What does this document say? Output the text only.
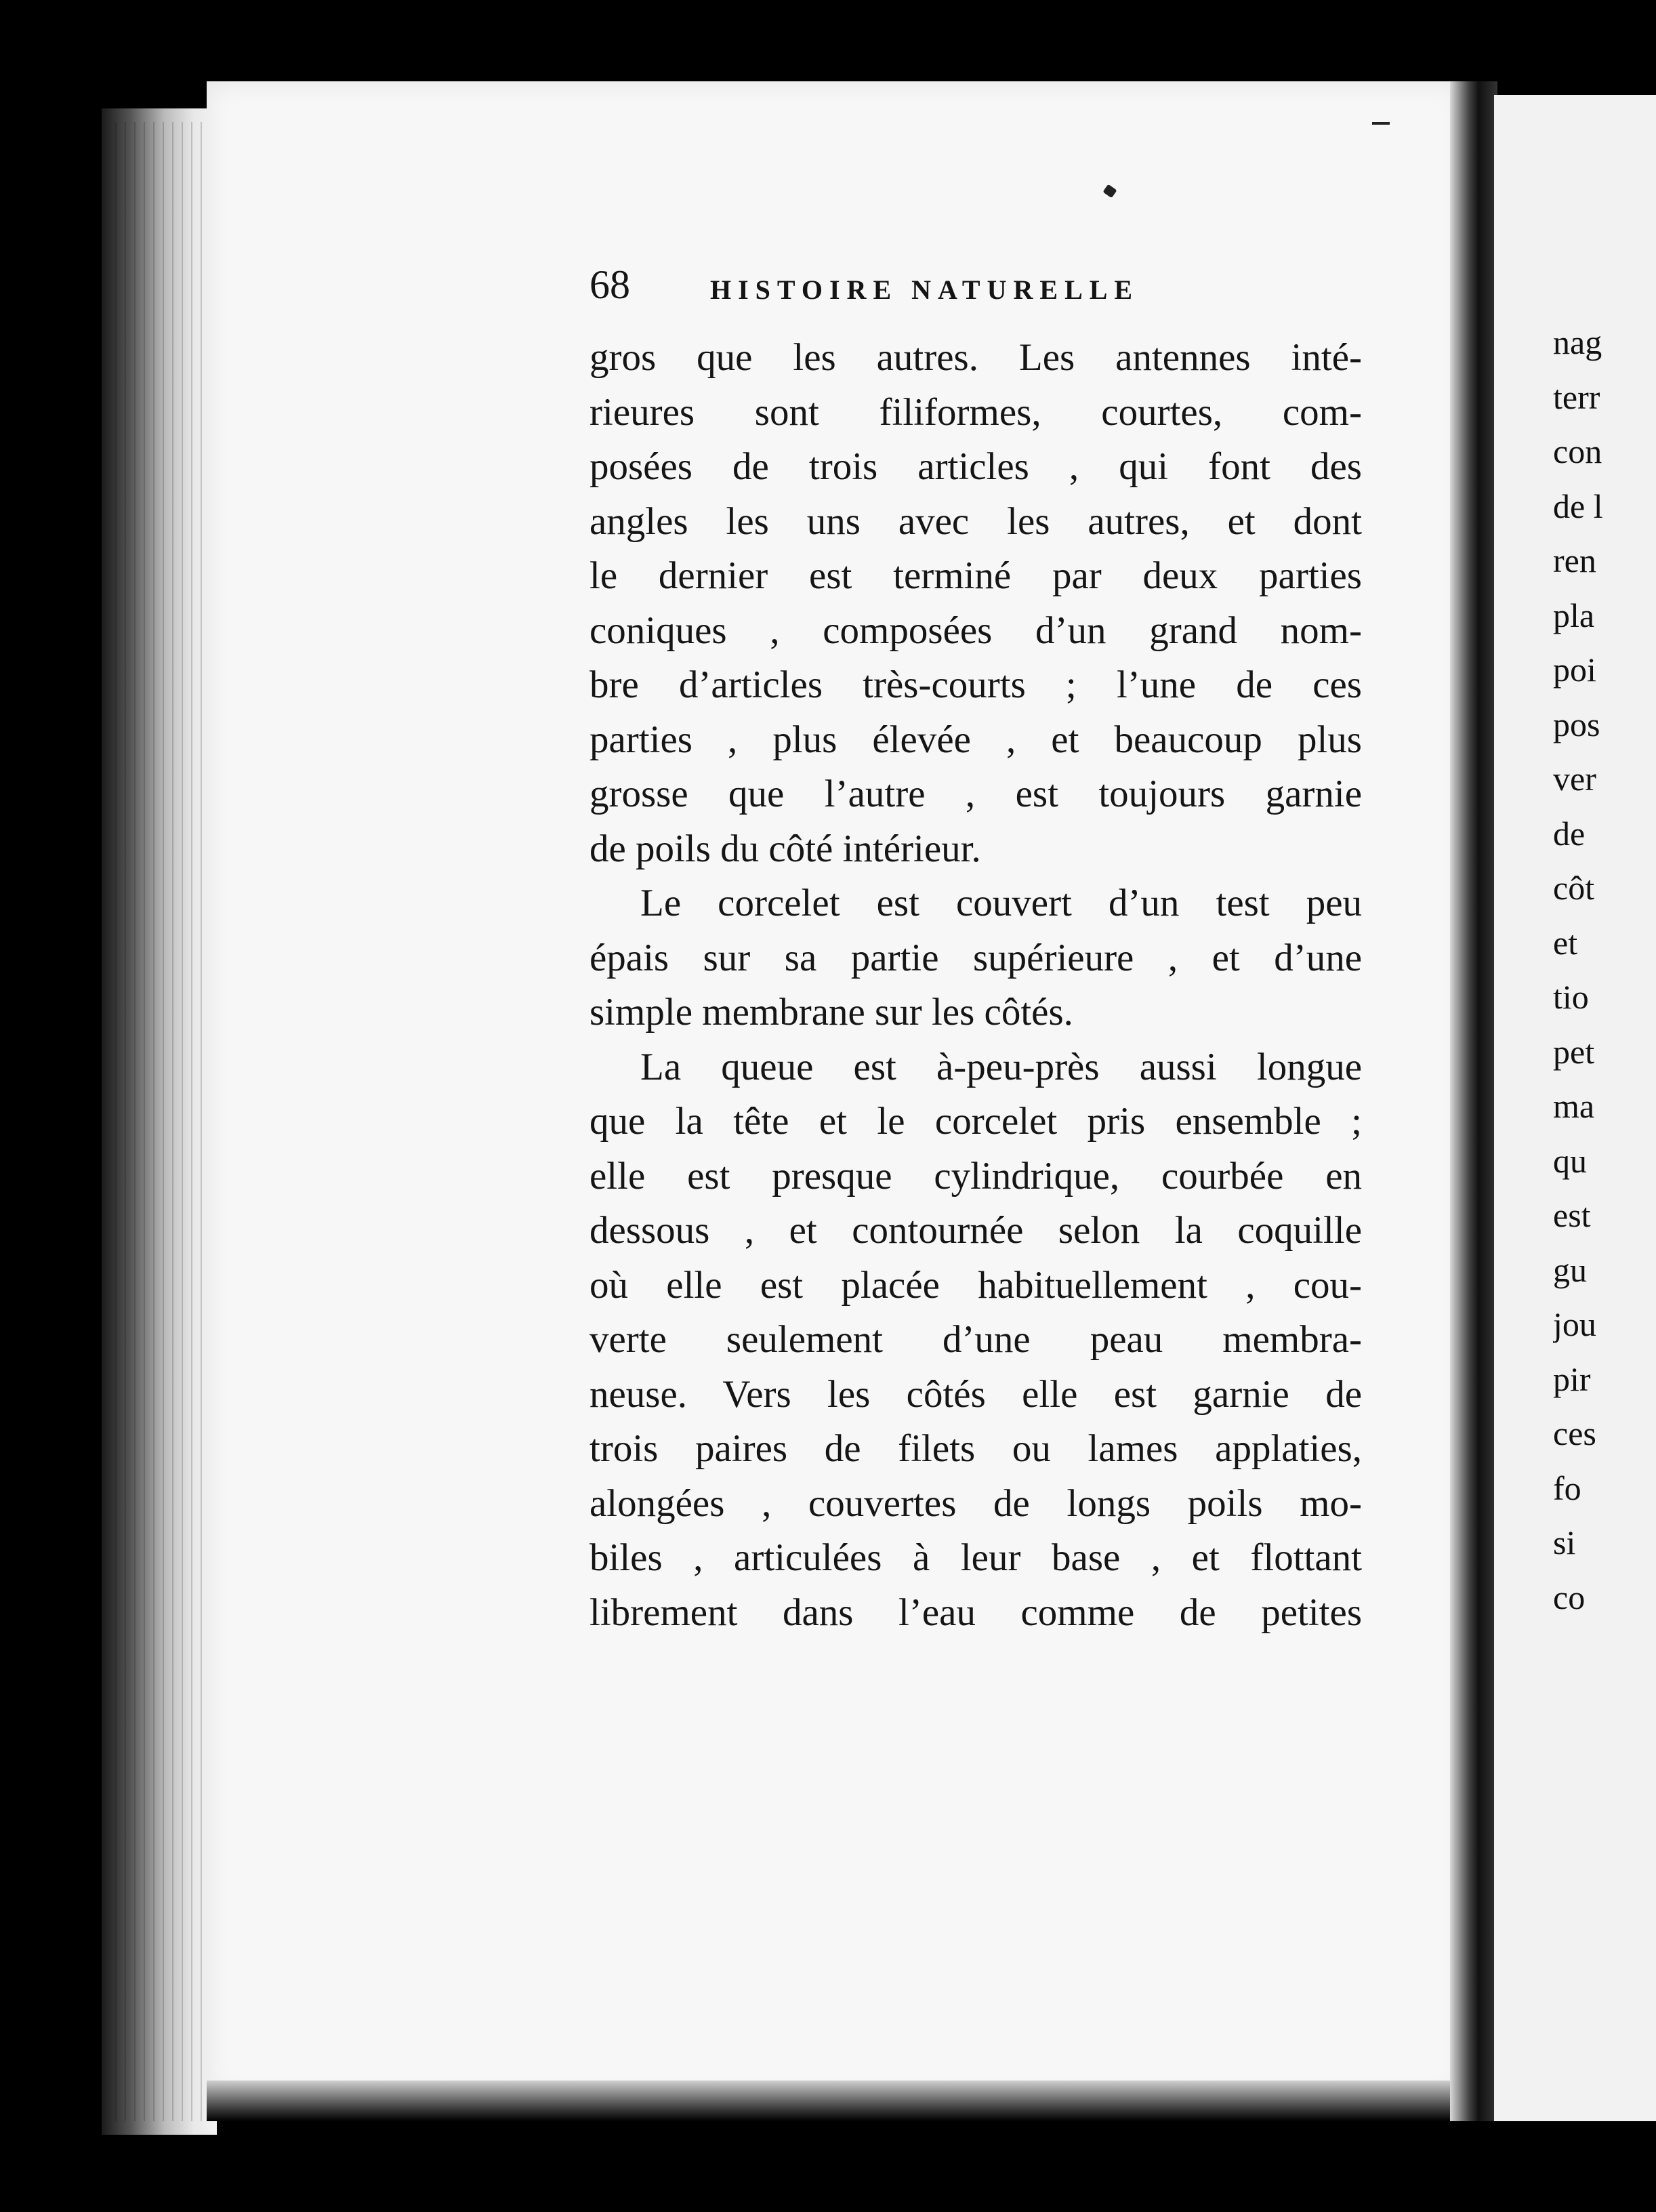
68	HISTOIRE NATURELLE
gros que les autres. Les antennes inté-
rieures sont filiformes, courtes, com-
posées de trois articles , qui font des
angles les uns avec les autres, et dont
le dernier est terminé par deux parties
coniques , composées d’un grand nom-
bre d’articles très-courts ; l’une de ces
parties , plus élevée , et beaucoup plus
grosse que l’autre , est toujours garnie
de poils du côté intérieur.
Le corcelet est couvert d’un test peu
épais sur sa partie supérieure , et d’une
simple membrane sur les côtés.
La queue est à-peu-près aussi longue
que la tête et le corcelet pris ensemble ;
elle est presque cylindrique, courbée en
dessous , et contournée selon la coquille
où elle est placée habituellement , cou-
verte seulement d’une peau membra-
neuse. Vers les côtés elle est garnie de
trois paires de filets ou lames applaties,
alongées , couvertes de longs poils mo-
biles , articulées à leur base , et flottant
librement dans l’eau comme de petites
nag
terr
con
de l
ren
pla
poi
pos
ver
de
côt
et
tio
pet
ma
qu
est
gu
jou
pir
ces
fo
si
co
